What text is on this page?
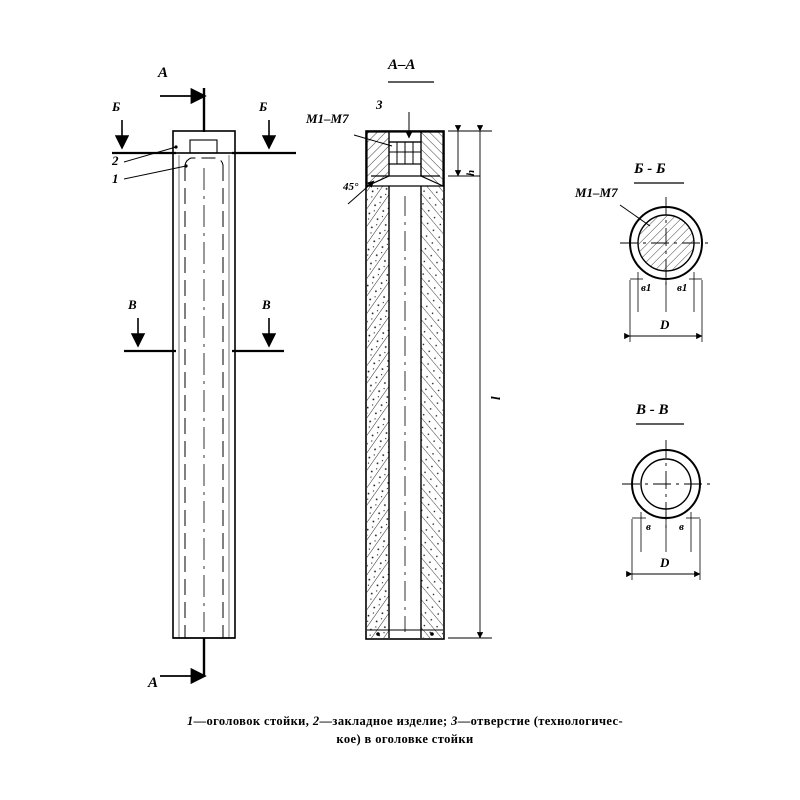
А
А
Б	Б
В	В
2
1
3
А–А
М1–М7
45°
h
l
Б - Б
М1–М7
в1 в1
D
В - В
в	в
D
1—оголовок стойки, 2—закладное изделие; 3—отверстие (технологичес-
кое) в оголовке стойки
